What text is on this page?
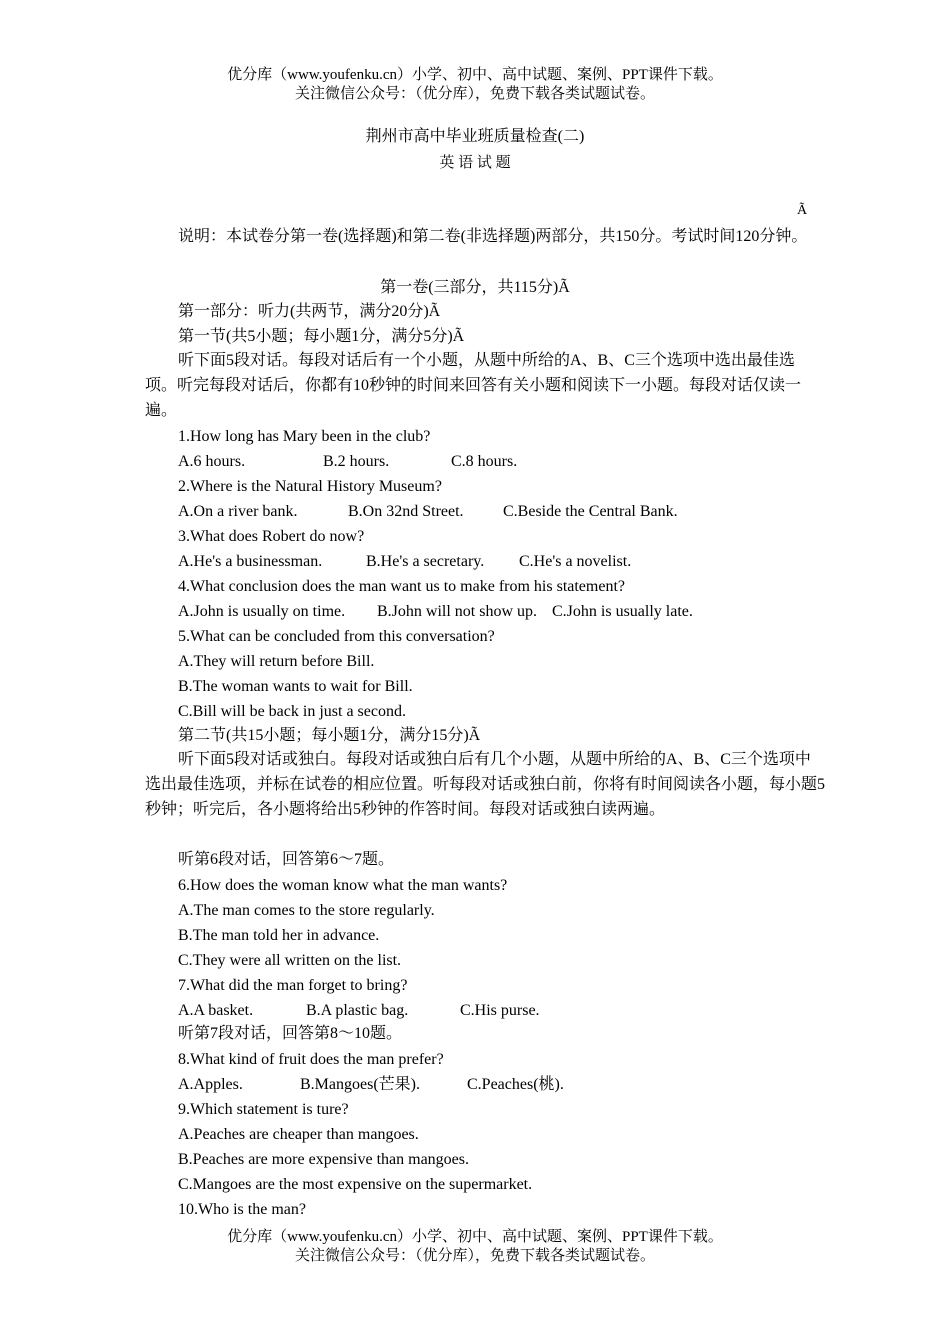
优分库（www.youfenku.cn）小学、初中、高中试题、案例、PPT课件下载。
关注微信公众号：（优分库），免费下载各类试题试卷。
荆州市高中毕业班质量检查(二)
英 语 试 题
Ã
说明：本试卷分第一卷(选择题)和第二卷(非选择题)两部分，共150分。考试时间120分钟。
第一卷(三部分，共115分)Ã
第一部分：听力(共两节，满分20分)Ã
第一节(共5小题；每小题1分，满分5分)Ã
听下面5段对话。每段对话后有一个小题，从题中所给的A、B、C三个选项中选出最佳选项。听完每段对话后，你都有10秒钟的时间来回答有关小题和阅读下一小题。每段对话仅读一遍。
1.How long has Mary been in the club?
A.6 hours.	B.2 hours.	C.8 hours.
2.Where is the Natural History Museum?
A.On a river bank.	B.On 32nd Street. C.Beside the Central Bank.
3.What does Robert do now?
A.He's a businessman.	B.He's a secretary. C.He's a novelist.
4.What conclusion does the man want us to make from his statement?
A.John is usually on time. B.John will not show up. C.John is usually late.
5.What can be concluded from this conversation?
A.They will return before Bill.
B.The woman wants to wait for Bill.
C.Bill will be back in just a second.
第二节(共15小题；每小题1分，满分15分)Ã
听下面5段对话或独白。每段对话或独白后有几个小题，从题中所给的A、B、C三个选项中选出最佳选项，并标在试卷的相应位置。听每段对话或独白前，你将有时间阅读各小题，每小题5秒钟；听完后，各小题将给出5秒钟的作答时间。每段对话或独白读两遍。
听第6段对话，回答第6～7题。
6.How does the woman know what the man wants?
A.The man comes to the store regularly.
B.The man told her in advance.
C.They were all written on the list.
7.What did the man forget to bring?
A.A basket.	B.A plastic bag.	C.His purse.
听第7段对话，回答第8～10题。
8.What kind of fruit does the man prefer?
A.Apples.	B.Mangoes(芒果).	C.Peaches(桃).
9.Which statement is ture?
A.Peaches are cheaper than mangoes.
B.Peaches are more expensive than mangoes.
C.Mangoes are the most expensive on the supermarket.
10.Who is the man?
优分库（www.youfenku.cn）小学、初中、高中试题、案例、PPT课件下载。
关注微信公众号：（优分库），免费下载各类试题试卷。
